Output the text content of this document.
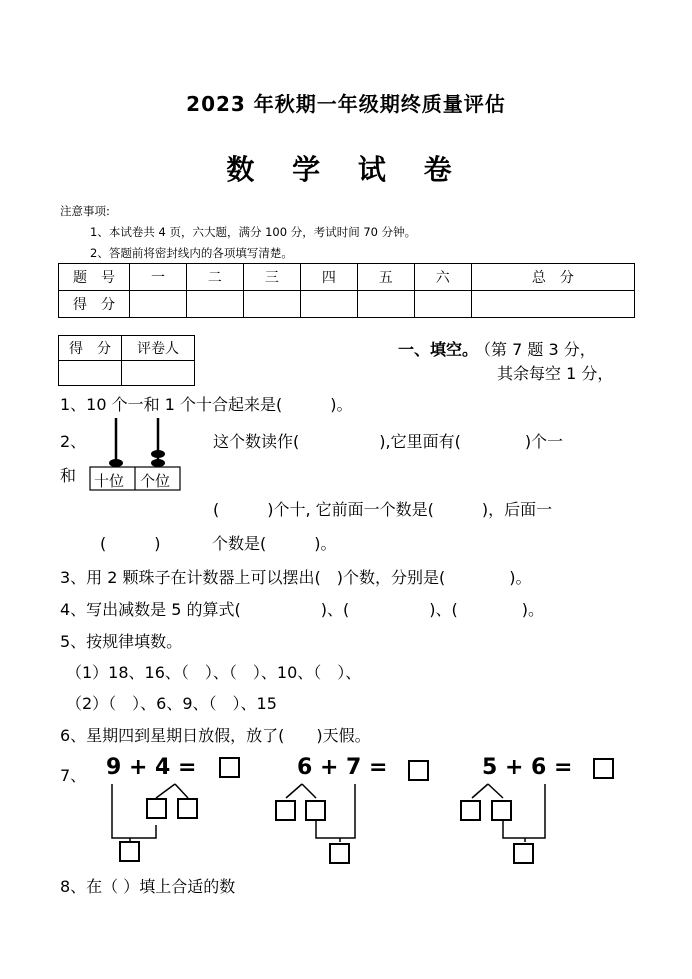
2023 年秋期一年级期终质量评估
数 学 试 卷
注意事项:
1、本试卷共 4 页，六大题，满分 100 分，考试时间 70 分钟。
2、答题前将密封线内的各项填写清楚。
题　号	一	二	三	四	五	六	总　分
得　分							
得　分	评卷人
		一、填空。
（第 7 题 3 分，
其余每空 1 分，
1、10 个一和 1 个十合起来是(　　　)。
2、
十位 个位
这个数读作(　　　　　),它里面有(　　　　)个一
和
(　　　)个十, 它前面一个数是(　　　)，后面一
(　　　)	个数是(　　　)。
3、用 2 颗珠子在计数器上可以摆出(　)个数，分别是(　　　　)。
4、写出减数是 5 的算式(　　　　　)、(　　　　　)、(　　　　)。
5、按规律填数。
（1）18、16、（　）、（　）、10、（　）、
（2）（　）、6、9、（　）、15
6、星期四到星期日放假，放了(　　)天假。
7、 9 + 4 =	6 + 7 =	5 + 6 =
8、在（ ）填上合适的数
